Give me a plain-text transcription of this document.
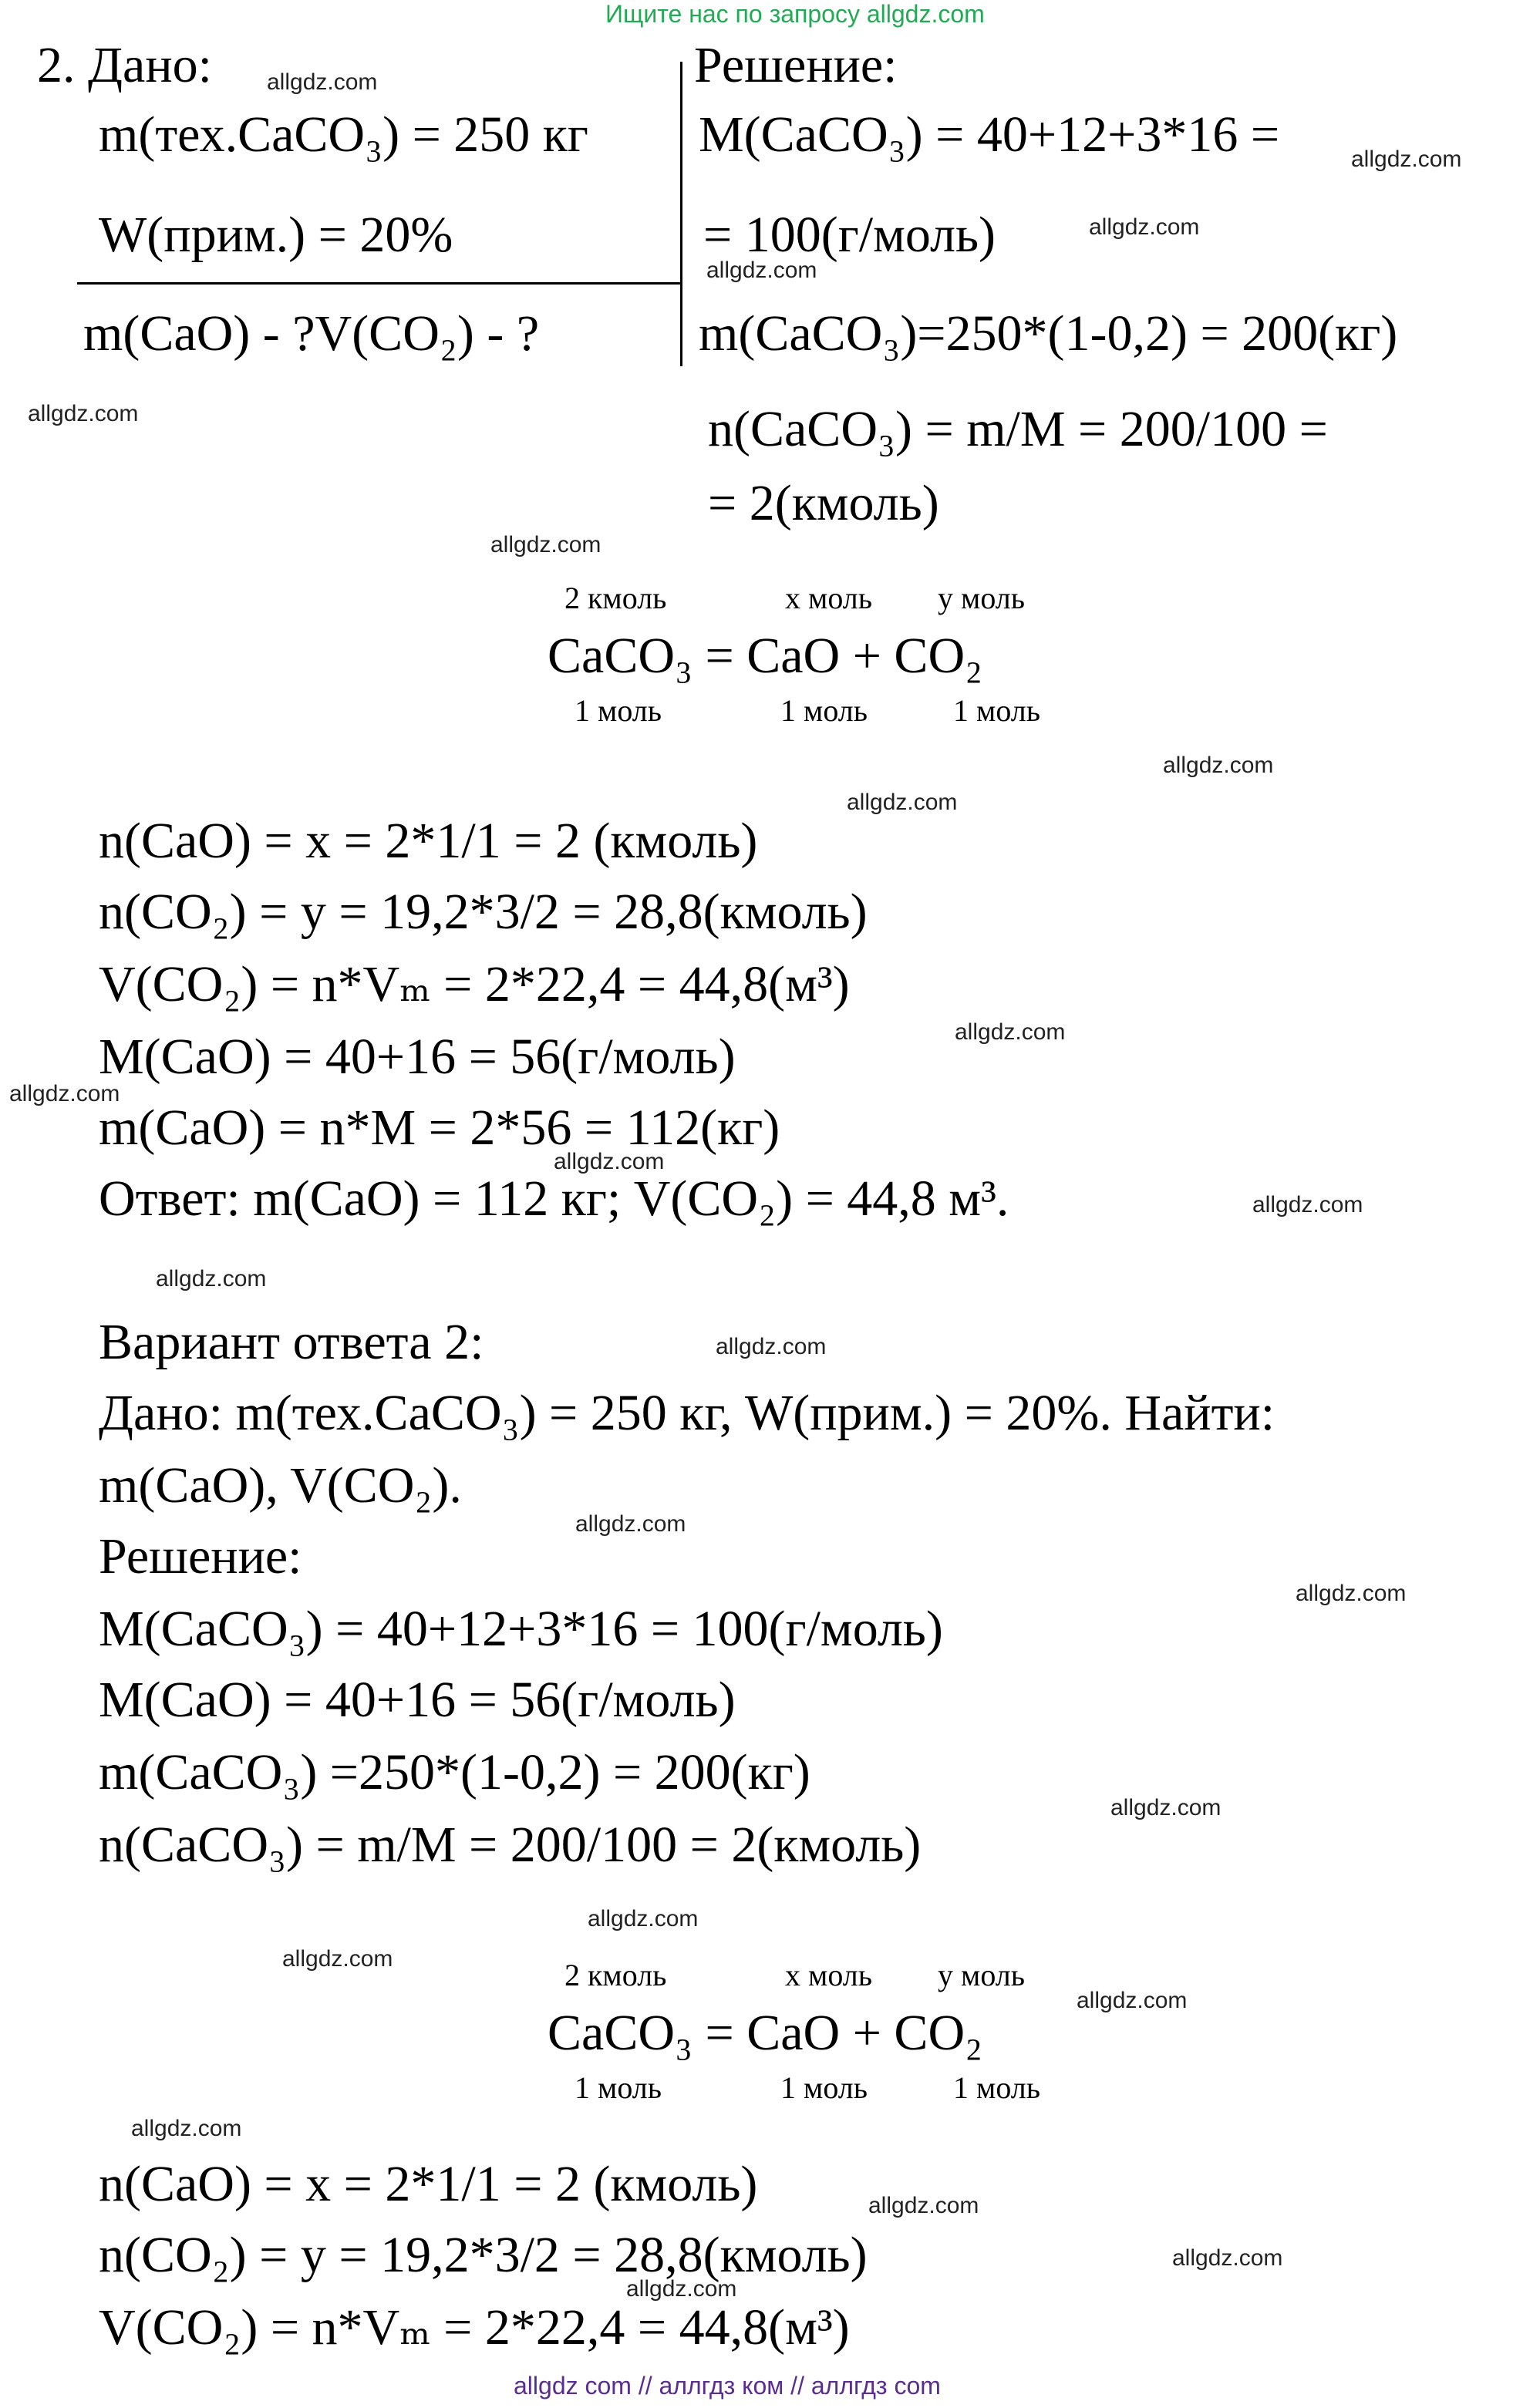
Ищите нас по запросу allgdz.com
2. Дано:
m(тех.CaCO₃) = 250 кг
W(прим.) = 20%
m(CaO) - ?V(CO₂) - ?
Решение:
M(CaCO₃) = 40+12+3*16 =
= 100(г/моль)
m(CaCO₃)=250*(1-0,2) = 200(кг)
n(CaCO₃) = m/M = 200/100 =
= 2(кмоль)
2 кмоль	x моль y моль
CaCO₃ = CaO + CO₂
1 моль	1 моль	1 моль
n(CaO) = x = 2*1/1 = 2 (кмоль)
n(CO₂) = y = 19,2*3/2 = 28,8(кмоль)
V(CO₂) = n*Vₘ = 2*22,4 = 44,8(м³)
M(CaO) = 40+16 = 56(г/моль)
m(CaO) = n*M = 2*56 = 112(кг)
Ответ: m(CaO) = 112 кг; V(CO₂) = 44,8 м³.
Вариант ответа 2:
Дано: m(тех.CaCO₃) = 250 кг, W(прим.) = 20%. Найти:
m(CaO), V(CO₂).
Решение:
M(CaCO₃) = 40+12+3*16 = 100(г/моль)
M(CaO) = 40+16 = 56(г/моль)
m(CaCO₃) =250*(1-0,2) = 200(кг)
n(CaCO₃) = m/M = 200/100 = 2(кмоль)
2 кмоль	x моль y моль
CaCO₃ = CaO + CO₂
1 моль	1 моль	1 моль
n(CaO) = x = 2*1/1 = 2 (кмоль)
n(CO₂) = y = 19,2*3/2 = 28,8(кмоль)
V(CO₂) = n*Vₘ = 2*22,4 = 44,8(м³)
allgdz.com
allgdz.com
allgdz.com
allgdz.com
allgdz.com
allgdz.com
allgdz.com
allgdz.com
allgdz.com
allgdz.com
allgdz.com
allgdz.com
allgdz.com
allgdz.com
allgdz.com
allgdz.com
allgdz.com
allgdz.com
allgdz.com
allgdz.com
allgdz.com
allgdz.com
allgdz.com
allgdz.com
allgdz com // аллгдз ком // аллгдз com
